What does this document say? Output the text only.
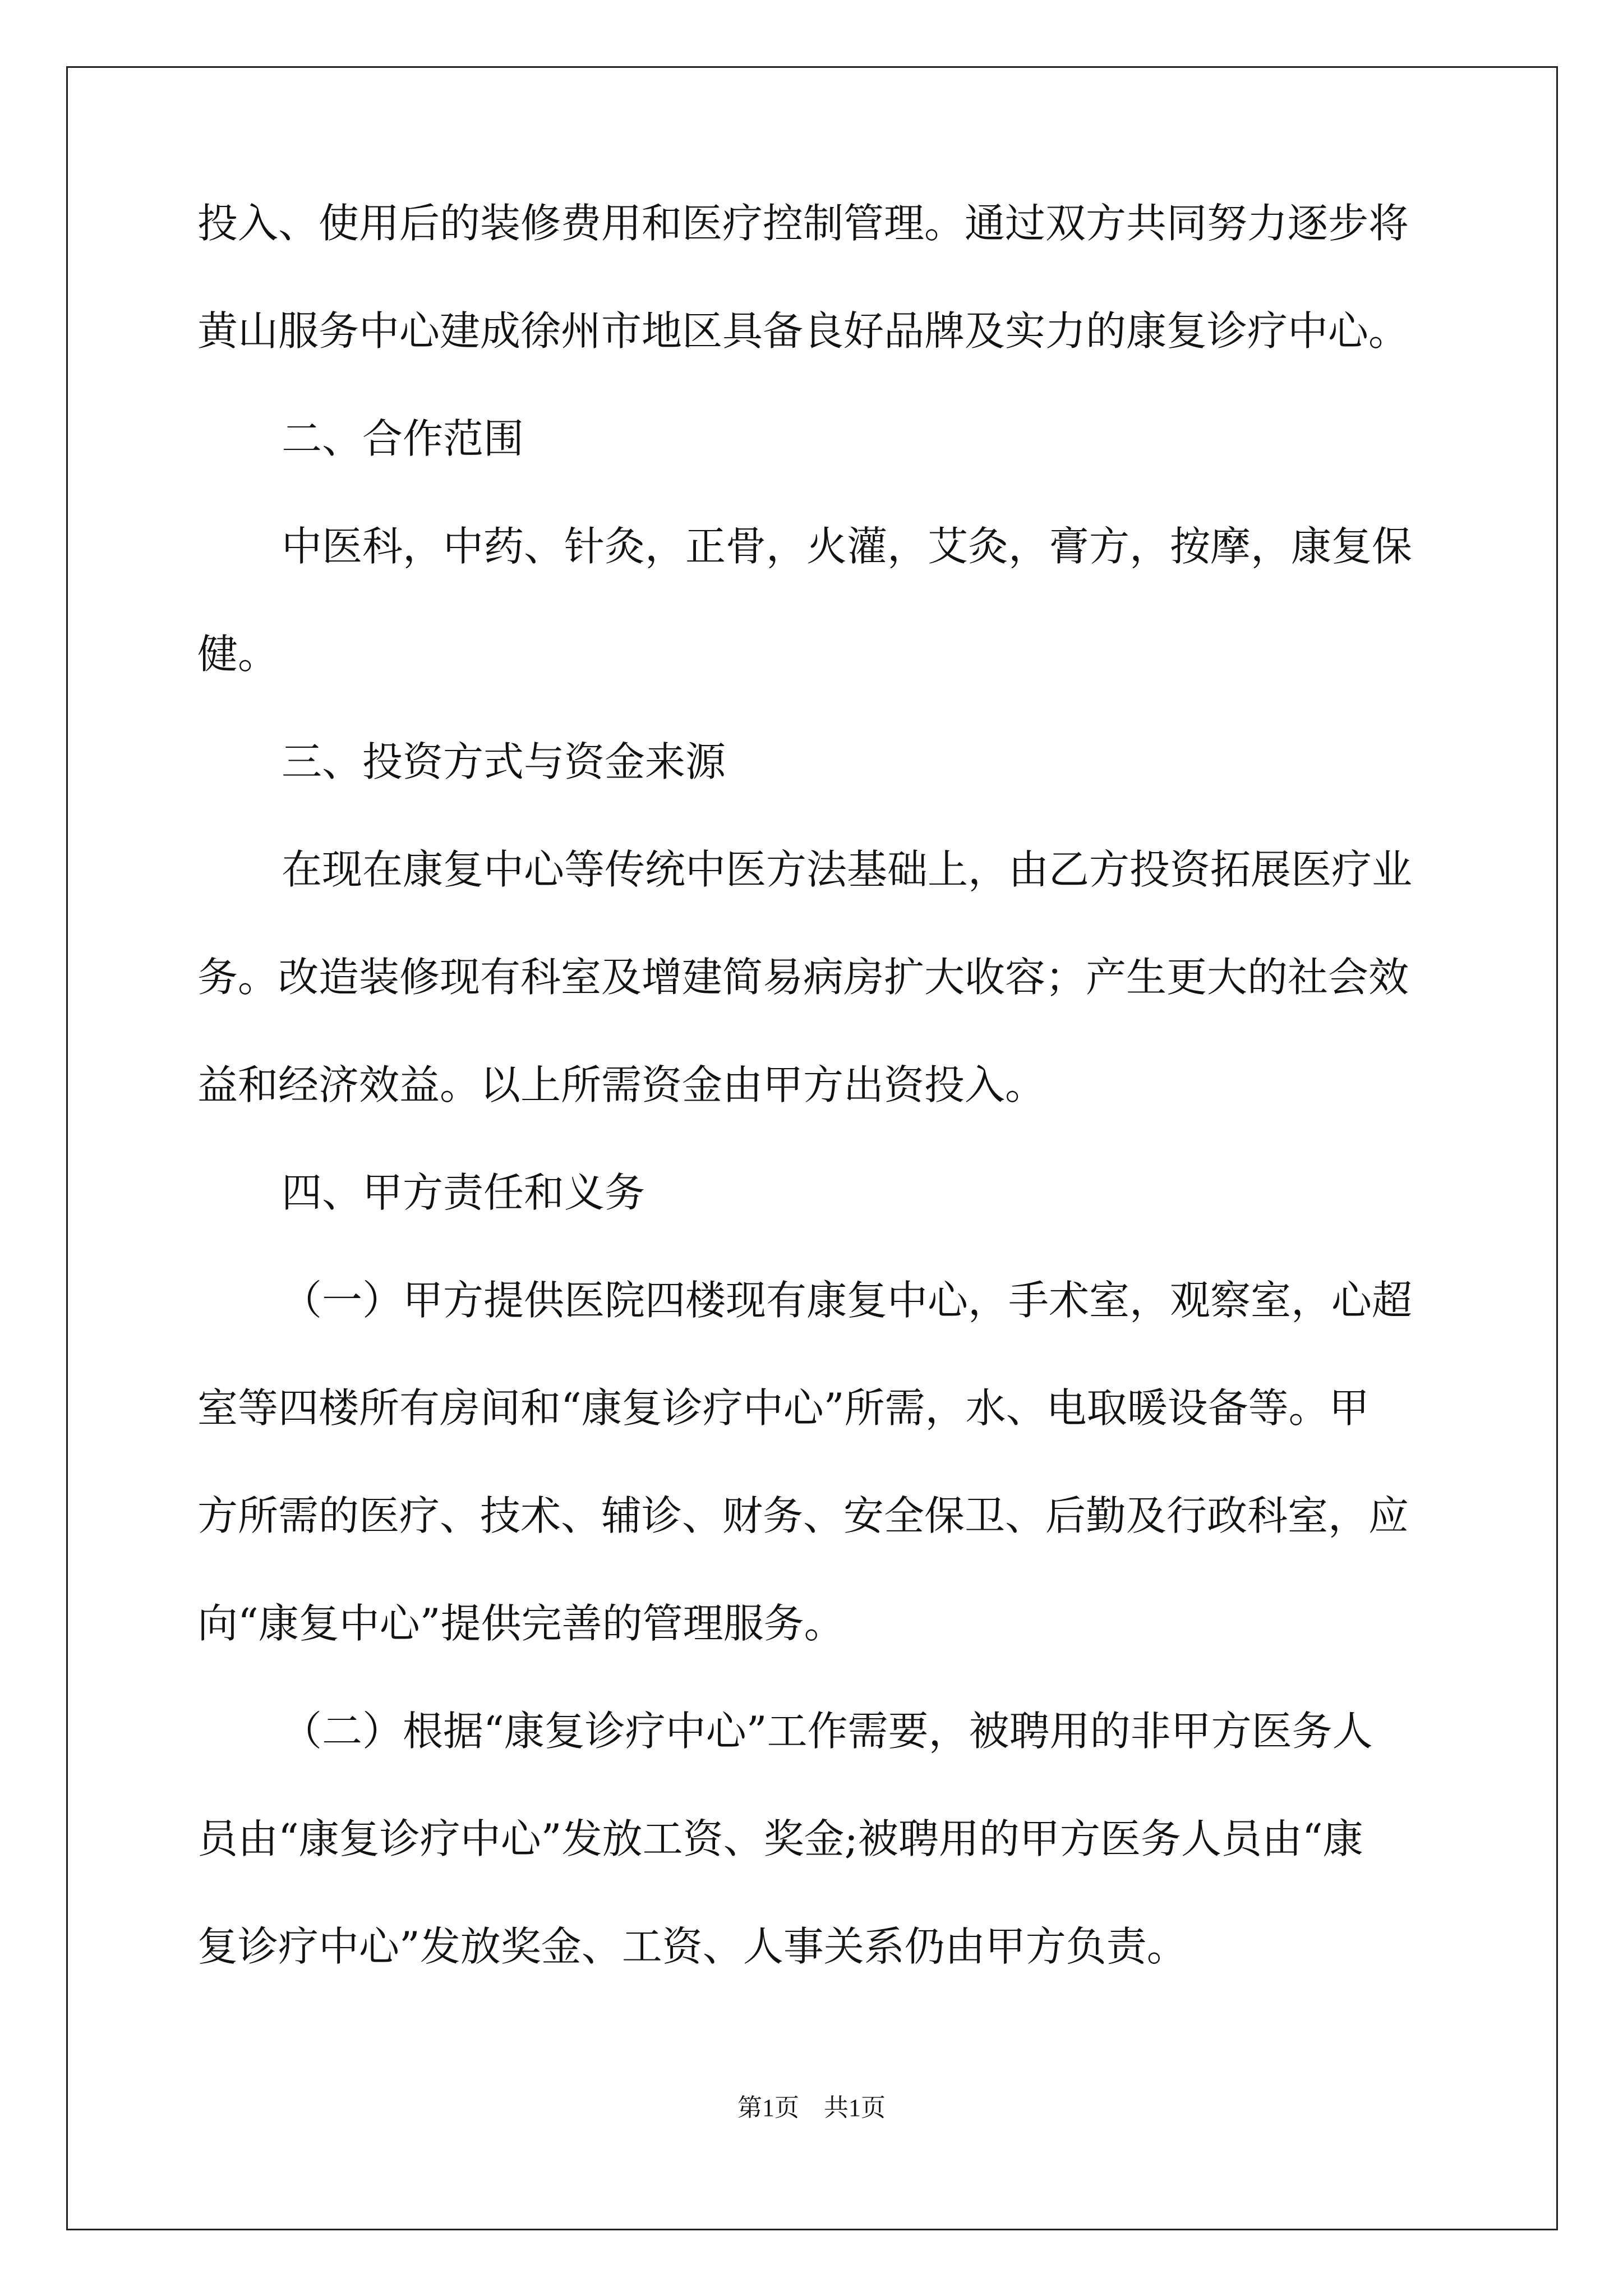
投入、使用后的装修费用和医疗控制管理。通过双方共同努力逐步将

黄山服务中心建成徐州市地区具备良好品牌及实力的康复诊疗中心。

二、合作范围

中医科，中药、针灸，正骨，火灌，艾灸，膏方，按摩，康复保

健。

三、投资方式与资金来源

在现在康复中心等传统中医方法基础上，由乙方投资拓展医疗业

务。改造装修现有科室及增建简易病房扩大收容；产生更大的社会效

益和经济效益。以上所需资金由甲方出资投入。

四、甲方责任和义务

（一）甲方提供医院四楼现有康复中心，手术室，观察室，心超

室等四楼所有房间和“康复诊疗中心”所需，水、电取暖设备等。甲

方所需的医疗、技术、辅诊、财务、安全保卫、后勤及行政科室，应

向“康复中心”提供完善的管理服务。

（二）根据“康复诊疗中心”工作需要，被聘用的非甲方医务人

员由“康复诊疗中心”发放工资、奖金;被聘用的甲方医务人员由“康

复诊疗中心”发放奖金、工资、人事关系仍由甲方负责。

第1页　共1页
